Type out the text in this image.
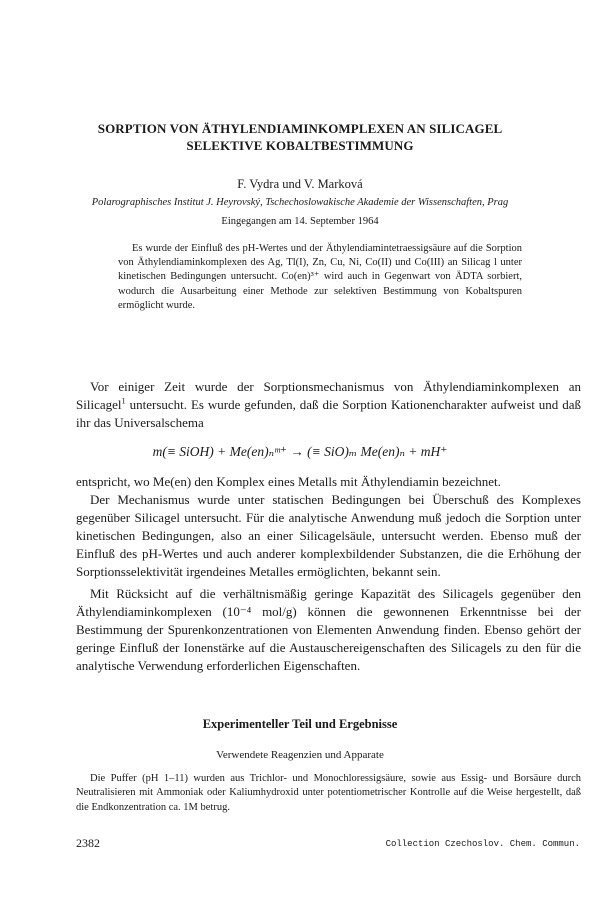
SORPTION VON ÄTHYLENDIAMINKOMPLEXEN AN SILICAGEL
SELEKTIVE KOBALTBESTIMMUNG
F. Vydra und V. Marková
Polarographisches Institut J. Heyrovský, Tschechoslowakische Akademie der Wissenschaften, Prag
Eingegangen am 14. September 1964

Es wurde der Einfluß des pH-Wertes und der Äthylendiamintetraessigsäure auf die Sorption von Äthylendiaminkomplexen des Ag, Tl(I), Zn, Cu, Ni, Co(II) und Co(III) an Silicag l unter kinetischen Bedingungen untersucht. Co(en)³⁺ wird auch in Gegenwart von ÄDTA sorbiert, wodurch die Ausarbeitung einer Methode zur selektiven Bestimmung von Kobaltspuren ermöglicht wurde.

Vor einiger Zeit wurde der Sorptionsmechanismus von Äthylendiaminkomplexen an Silicagel$^1$ untersucht. Es wurde gefunden, daß die Sorption Kationencharakter aufweist und daß ihr das Universalschema

m(≡ SiOH) + Me(en)ₙᵐ⁺ → (≡ SiO)ₘ Me(en)ₙ + mH⁺

entspricht, wo Me(en) den Komplex eines Metalls mit Äthylendiamin bezeichnet.

Der Mechanismus wurde unter statischen Bedingungen bei Überschuß des Komplexes gegenüber Silicagel untersucht. Für die analytische Anwendung muß jedoch die Sorption unter kinetischen Bedingungen, also an einer Silicagelsäule, untersucht werden. Ebenso muß der Einfluß des pH-Wertes und auch anderer komplexbildender Substanzen, die die Erhöhung der Sorptionsselektivität irgendeines Metalles ermöglichten, bekannt sein.

Mit Rücksicht auf die verhältnismäßig geringe Kapazität des Silicagels gegenüber den Äthylendiaminkomplexen (10⁻⁴ mol/g) können die gewonnenen Erkenntnisse bei der Bestimmung der Spurenkonzentrationen von Elementen Anwendung finden. Ebenso gehört der geringe Einfluß der Ionenstärke auf die Austauschereigenschaften des Silicagels zu den für die analytische Verwendung erforderlichen Eigenschaften.

Experimenteller Teil und Ergebnisse
Verwendete Reagenzien und Apparate

Die Puffer (pH 1–11) wurden aus Trichlor- und Monochloressigsäure, sowie aus Essig- und Borsäure durch Neutralisieren mit Ammoniak oder Kaliumhydroxid unter potentiometrischer Kontrolle auf die Weise hergestellt, daß die Endkonzentration ca. 1M betrug.

2382	Collection Czechoslov. Chem. Commun.
